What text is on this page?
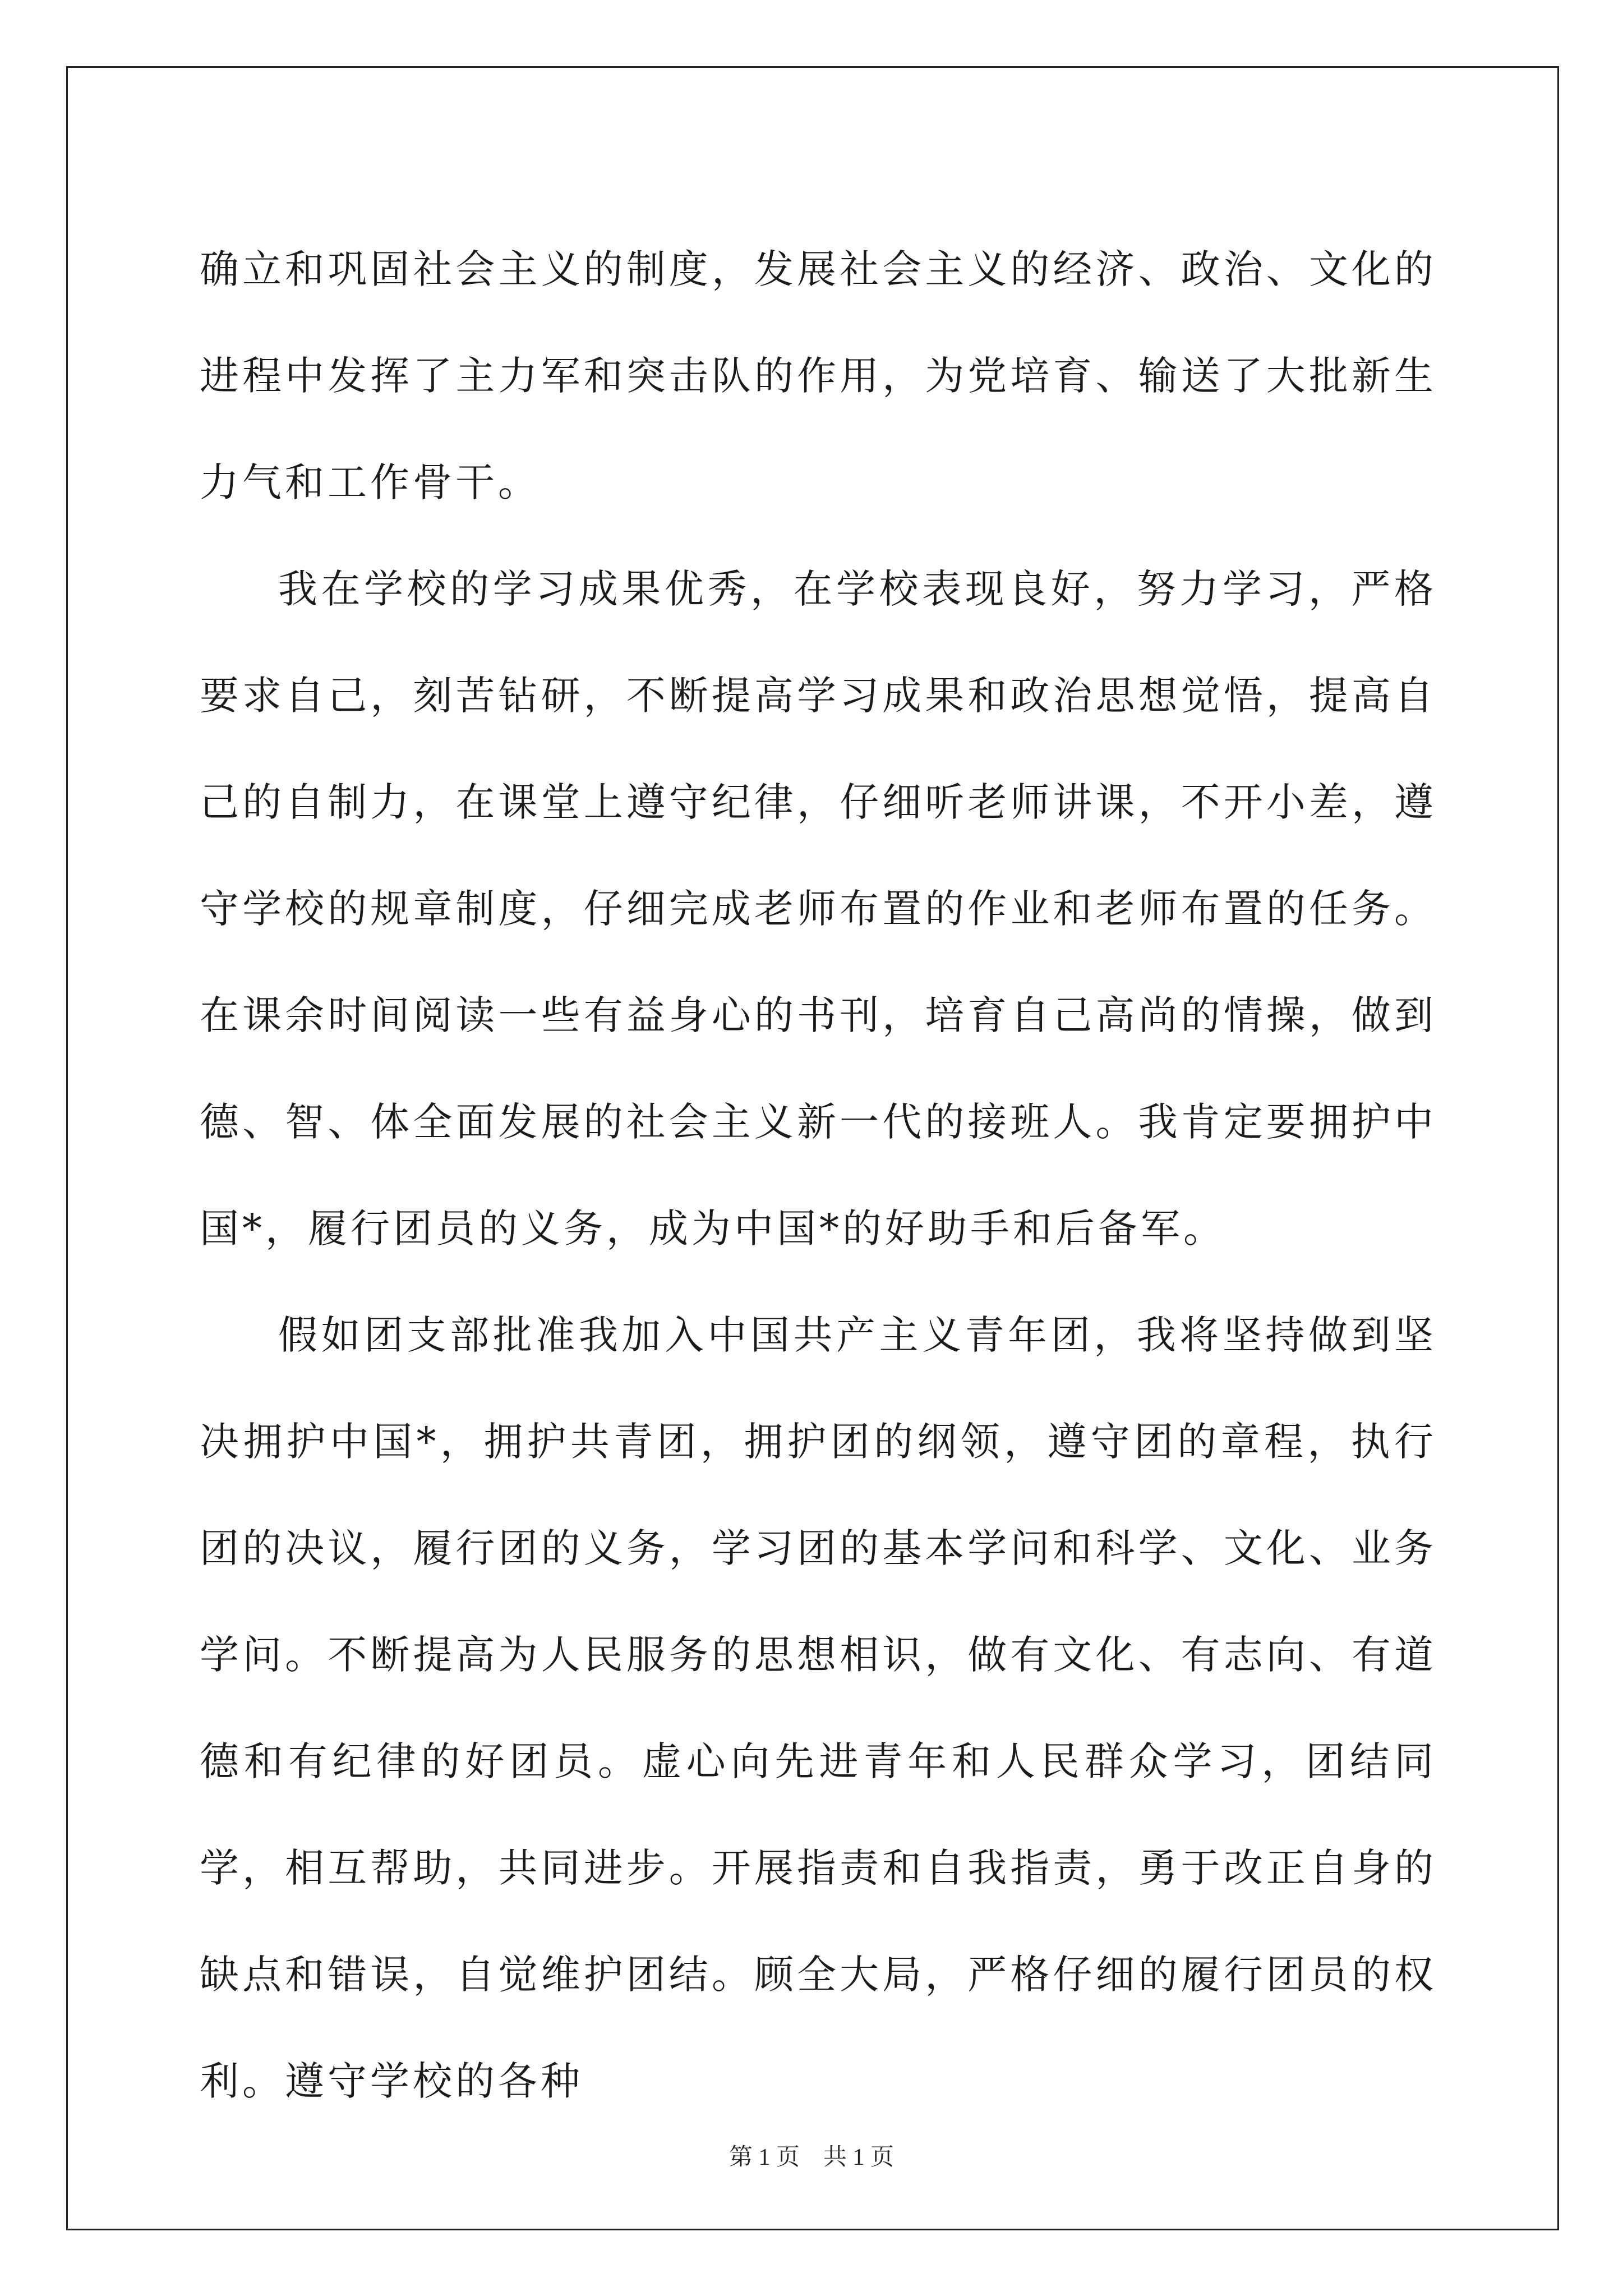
确立和巩固社会主义的制度，发展社会主义的经济、政治、文化的进程中发挥了主力军和突击队的作用，为党培育、输送了大批新生力气和工作骨干。

我在学校的学习成果优秀，在学校表现良好，努力学习，严格要求自己，刻苦钻研，不断提高学习成果和政治思想觉悟，提高自己的自制力，在课堂上遵守纪律，仔细听老师讲课，不开小差，遵守学校的规章制度，仔细完成老师布置的作业和老师布置的任务。在课余时间阅读一些有益身心的书刊，培育自己高尚的情操，做到德、智、体全面发展的社会主义新一代的接班人。我肯定要拥护中国*，履行团员的义务，成为中国*的好助手和后备军。

假如团支部批准我加入中国共产主义青年团，我将坚持做到坚决拥护中国*，拥护共青团，拥护团的纲领，遵守团的章程，执行团的决议，履行团的义务，学习团的基本学问和科学、文化、业务学问。不断提高为人民服务的思想相识，做有文化、有志向、有道德和有纪律的好团员。虚心向先进青年和人民群众学习，团结同学，相互帮助，共同进步。开展指责和自我指责，勇于改正自身的缺点和错误，自觉维护团结。顾全大局，严格仔细的履行团员的权利。遵守学校的各种

第 1 页    共 1 页
